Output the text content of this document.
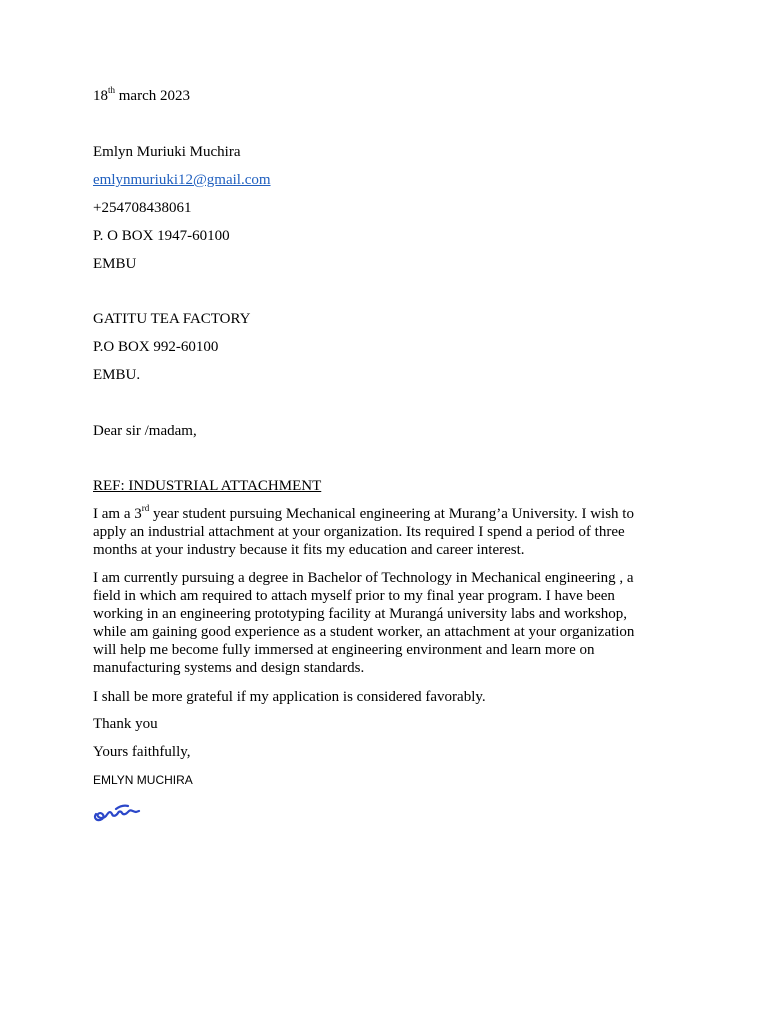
18th march 2023
Emlyn Muriuki Muchira
emlynmuriuki12@gmail.com
+254708438061
P. O BOX 1947-60100
EMBU
GATITU TEA FACTORY
P.O BOX 992-60100
EMBU.
Dear sir /madam,
REF: INDUSTRIAL ATTACHMENT
I am a 3rd year student pursuing Mechanical engineering at Murang’a University. I wish to
apply an industrial attachment at your organization. Its required I spend a period of three
months at your industry because it fits my education and career interest.
I am currently pursuing a degree in Bachelor of Technology in Mechanical engineering , a
field in which am required to attach myself prior to my final year program. I have been
working in an engineering prototyping facility at Murangá university labs and workshop,
while am gaining good experience as a student worker, an attachment at your organization
will help me become fully immersed at engineering environment and learn more on
manufacturing systems and design standards.
I shall be more grateful if my application is considered favorably.
Thank you
Yours faithfully,
EMLYN MUCHIRA
